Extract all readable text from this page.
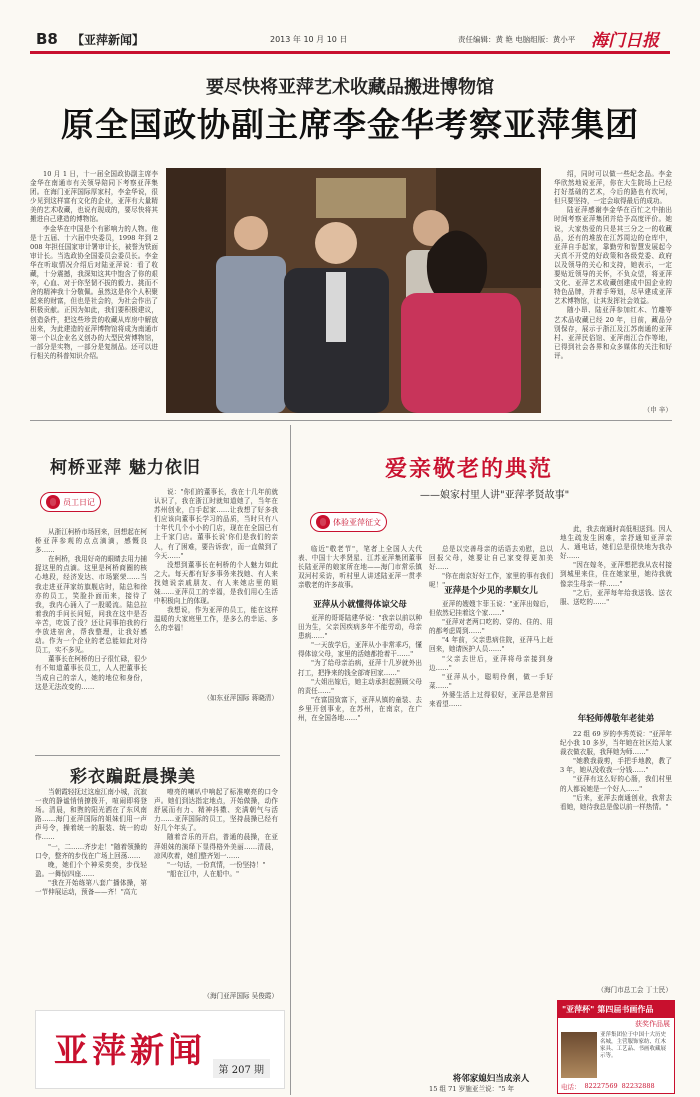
B8 【亚萍新闻】	2013 年 10 月 10 日	责任编辑：黄 艳 电脑组版：黄小平 海门日报
要尽快将亚萍艺术收藏品搬进博物馆
原全国政协副主席李金华考察亚萍集团

10 月 1 日，十一届全国政协副主席李金华在南通市有关领导陪同下考察亚萍集团。在海门亚萍国际厚家村，李金华说，很少见到这样富有文化的企业，亚萍有大量精美的艺术收藏，也说有现成的，要尽快将其搬进自己建造的博物馆。

李金华在中国是个有影响力的人物。他是十五届、十六届中央委员，1998 年到 2008 年担任国家审计署审计长，被誉为铁面审计长。当选政协全国委员会委员长。李金华在听取情况介绍后对陆亚萍说：看了收藏，十分震撼，我深知这其中饱含了你的艰辛，心血、对于你坚韧不拔的毅力、挑而不舍的精神我十分敬佩。虽然这是你个人积聚起来的财富，但也是社会的，为社会作出了积极贡献。正因为如此，我们要积极建议，创造条件，把这些珍贵的收藏从库房中解放出来，为此建造的亚萍博物馆将成为南通市第一个以企业名义创办的大型民营博物馆，一部分是实物，一部分是复制品。还可以进行相关的科普知识介绍。

绍，同时可以做一些纪念品。李金华欣然地说亚萍，你在大生院场上已经打好基础的艺术，今后的路也有坎坷，但只要坚持，一定会取得最后的成功。

陆亚萍感谢李金华在百忙之中抽出时间考察亚萍集团并给予高度评价。她说，大家热爱的只是其三分之一的收藏品，还有的堆放在江苏周边的仓库中，亚萍自手起家，靠勤劳和智慧发展起今天真不开党的好政策和各级党委、政府以及领导的关心和支持，她表示，一定要贴近领导的关怀，不负众望，将亚萍文化、亚萍艺术收藏创建成中国企业的特色品牌，并着手筹划，尽早建成亚萍艺术博物馆，让其发挥社会效益。

随小昂、陆亚萍参加红木、竹雕等艺术品收藏已经 20 年，目前，藏品分别保存，展示于浙江及江苏南通的亚萍村、亚萍民俗馆、亚萍南江合作等地，已得到社会各界和众多媒体的关注和好评。

（申 辛）
柯桥亚萍 魅力依旧
员工日记

从浙江柯桥市场回来，回想起在柯桥亚萍参观的点点滴滴，感慨良多……

在柯桥，我用好奇的眼睛去用力捕捉这里的点滴。这里是柯桥商圈的核心地段，经济发达、市场繁荣……当我走进亚萍家纺旗舰店时，陆总和徐亦的员工，笑脸扑面而来，接待了我，我内心涌入了一股暖流。陆总拉着我的手问长问短，问我在这中是否辛苦，吃饭了没？还让同事拍我的行李放进宿舍，帮我整理，让我好感动。作为一个企业的老总能如此对待员工，实不多见。

董事长在柯桥的日子很忙碌，很少有不知道董事长员工，人人把董事长当成自己的亲人，她的地位和身份，这是无法改变的……

说："你们的董事长，我在十几年前就认识了，我在浙江时就知道她了，当年在苏州创业，白手起家……让我想了好多我们应该向董事长学习的品质，当时只有八十年代几个小小的门店，现在在全国已有上千家门店。董事长说'你们是我们的亲人，有了困难，要告诉我'，而一直做到了今天……"

没想到董事长在柯桥的个人魅力如此之大。每天都有好多事务来找她、有人来找她说亲戚朋友、有人来她店里的姐妹……亚萍员工的幸福，是我们用心生活中积极向上的体现。

我想说，作为亚萍的员工，能在这样温暖的大家庭里工作，是多么的幸运、多么的幸福！

（如东亚萍国际 蒋晓清）
彩衣蹁跹晨操美

当朝霞轻抚过这座江南小城，沉寂一夜的静谧悄悄撩拨开，喧闹即将登场。清晨，和煦的阳光洒在了东风南路……海门亚萍国际的姐妹们用一声声号令，操着统一的服装、统一的动作……

"一，二……齐步走！"随着领操的口令，整齐的步伐在广场上回荡……

晚，她们个个神采奕奕，步伐轻盈。一舞惊四座……

"我在开始练第八套广播体操，第一节伸展运动，预备——齐！"高亢

嘹亮的喇叭中响起了标准嘹亮的口令声。她们到达指定地点，开始做操，动作舒展而有力、精神抖擞、充满朝气与活力……亚萍国际的员工，坚持晨操已经有好几个年头了。

随着音乐的开启，普通的晨操，在亚萍姐妹的演绎下显得格外美丽……清晨，凉风吹着，她们整齐划一……

"一句话，一份真情，一份坚持！"

"船在江中，人在船中。"

（海门亚萍国际 吴俊霞）
亚萍新闻	第 207 期
爱亲敬老的典范
——娘家村里人讲"亚萍孝贤故事"
体验亚萍征文

临近"敬老节"，笔者上全国人大代表、中国十大孝贤星、江苏亚萍集团董事长陆亚萍的娘家所在地——海门市常乐镇双河村采访，听村里人讲述陆亚萍一贯孝亲敬老的许多故事。

亚萍从小就懂得体谅父母

亚萍的哥哥陆建华说："我亲以前以种田为生，父亲因疾病多年不能劳动，母亲患病……"

"一天放学后，亚萍从小非常乖巧，懂得体谅父母，家里的活她都抢着干……"

"为了给母亲治病，亚萍十几岁就外出打工，把挣来的钱全部寄回家……"

"大姐出嫁后，她主动承担起照顾父母的责任……"

"在富国致富下，亚萍从镇的童装、去乡里开创事业，在苏州，在南京，在广州，在全国各地……"

总是以完善母亲的话语去劝慰，总以回报父母，她要让自己家变得更加美好……

"你在南京好好工作，家里的事有我们呢！"

亚萍是个少见的孝顺女儿

亚萍的嫂嫂卞菲玉说："亚萍出嫁后，但依然记挂着这个家……"

"亚萍对老两口吃的、穿的、住的、用的都考虑周到……"

"4 年前，父亲患病住院，亚萍马上赶回来，她请医护人员……"

"父亲去世后，亚萍将母亲接到身边……"

"亚萍从小，聪明伶俐，做一手好菜……"

外婆生活上过得很好，亚萍总是常回来看望……

将邻家媳妇当成亲人
15 组 71 岁施亚兰说："5 年

此，我去南通时高低相送到。因人地生疏发生困难，亲抒通知亚萍亲人、通电话，她们总是很快地为我办好……

"因在嫁冬，亚萍想把我从农村接到城里来住，住在她家里，她待我就像亲生母亲一样……"

"之后，亚萍每年给我送钱、送衣服、送吃的……"

年轻师傅敬年老徒弟

22 组 69 岁的李秀英说："亚萍年纪小我 10 多岁，当年她在社区给人家裁衣做衣服，我拜她为师……"

"她教我裁剪，手把手地教，教了 3 年，她从没收我一分钱……"

"亚萍有这么好的心肠，我们村里的人都说她是一个好人……"

"后来，亚萍去南通创业，我常去看她，她待我总是像以前一样热情。"

（海门市总工会 丁士民）
"亚萍杯" 第四届书画作品
获奖作品展
亚萍集团位于中国十大历史名城，主营服饰家纺、红木家具、工艺品、书画收藏展示等。
电话： 82227569 82232888
